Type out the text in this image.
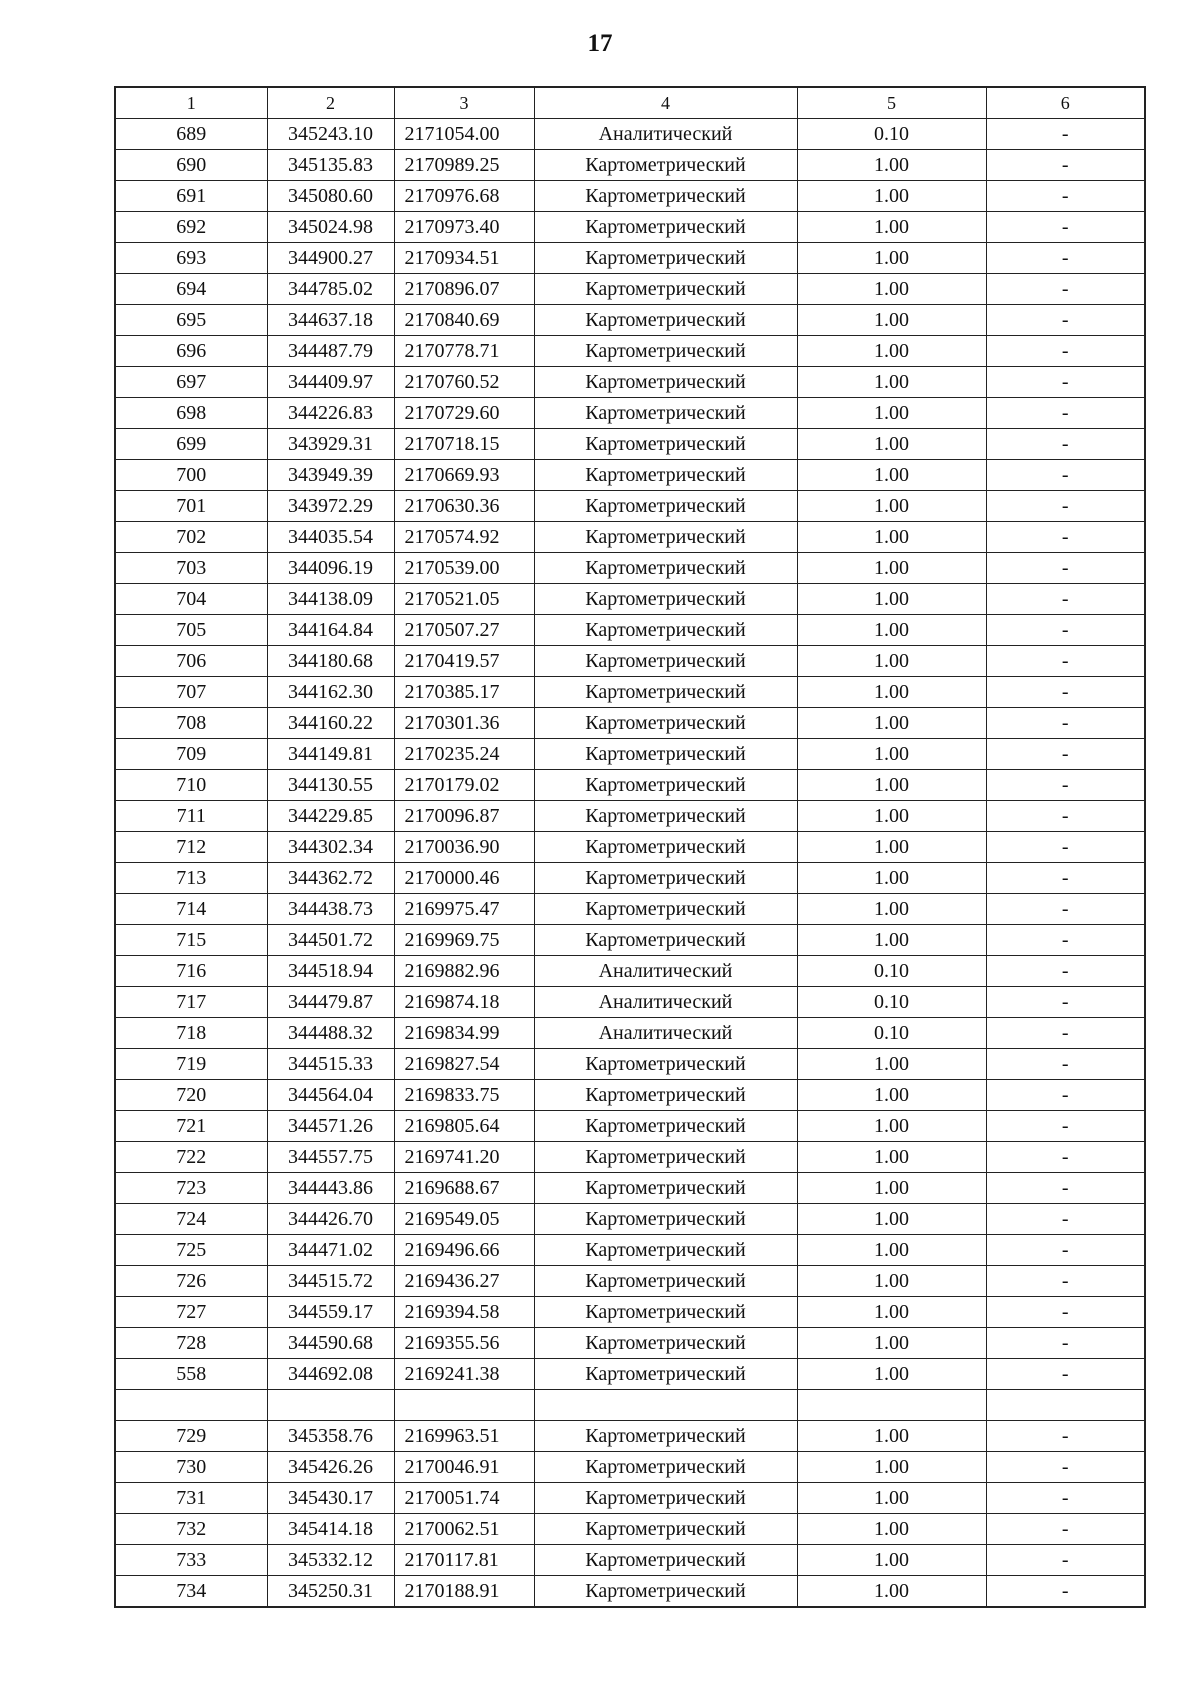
17
1	2	3	4	5	6
689	345243.10	2171054.00	Аналитический	0.10	-
690	345135.83	2170989.25	Картометрический	1.00	-
691	345080.60	2170976.68	Картометрический	1.00	-
692	345024.98	2170973.40	Картометрический	1.00	-
693	344900.27	2170934.51	Картометрический	1.00	-
694	344785.02	2170896.07	Картометрический	1.00	-
695	344637.18	2170840.69	Картометрический	1.00	-
696	344487.79	2170778.71	Картометрический	1.00	-
697	344409.97	2170760.52	Картометрический	1.00	-
698	344226.83	2170729.60	Картометрический	1.00	-
699	343929.31	2170718.15	Картометрический	1.00	-
700	343949.39	2170669.93	Картометрический	1.00	-
701	343972.29	2170630.36	Картометрический	1.00	-
702	344035.54	2170574.92	Картометрический	1.00	-
703	344096.19	2170539.00	Картометрический	1.00	-
704	344138.09	2170521.05	Картометрический	1.00	-
705	344164.84	2170507.27	Картометрический	1.00	-
706	344180.68	2170419.57	Картометрический	1.00	-
707	344162.30	2170385.17	Картометрический	1.00	-
708	344160.22	2170301.36	Картометрический	1.00	-
709	344149.81	2170235.24	Картометрический	1.00	-
710	344130.55	2170179.02	Картометрический	1.00	-
711	344229.85	2170096.87	Картометрический	1.00	-
712	344302.34	2170036.90	Картометрический	1.00	-
713	344362.72	2170000.46	Картометрический	1.00	-
714	344438.73	2169975.47	Картометрический	1.00	-
715	344501.72	2169969.75	Картометрический	1.00	-
716	344518.94	2169882.96	Аналитический	0.10	-
717	344479.87	2169874.18	Аналитический	0.10	-
718	344488.32	2169834.99	Аналитический	0.10	-
719	344515.33	2169827.54	Картометрический	1.00	-
720	344564.04	2169833.75	Картометрический	1.00	-
721	344571.26	2169805.64	Картометрический	1.00	-
722	344557.75	2169741.20	Картометрический	1.00	-
723	344443.86	2169688.67	Картометрический	1.00	-
724	344426.70	2169549.05	Картометрический	1.00	-
725	344471.02	2169496.66	Картометрический	1.00	-
726	344515.72	2169436.27	Картометрический	1.00	-
727	344559.17	2169394.58	Картометрический	1.00	-
728	344590.68	2169355.56	Картометрический	1.00	-
558	344692.08	2169241.38	Картометрический	1.00	-

729	345358.76	2169963.51	Картометрический	1.00	-
730	345426.26	2170046.91	Картометрический	1.00	-
731	345430.17	2170051.74	Картометрический	1.00	-
732	345414.18	2170062.51	Картометрический	1.00	-
733	345332.12	2170117.81	Картометрический	1.00	-
734	345250.31	2170188.91	Картометрический	1.00	-
